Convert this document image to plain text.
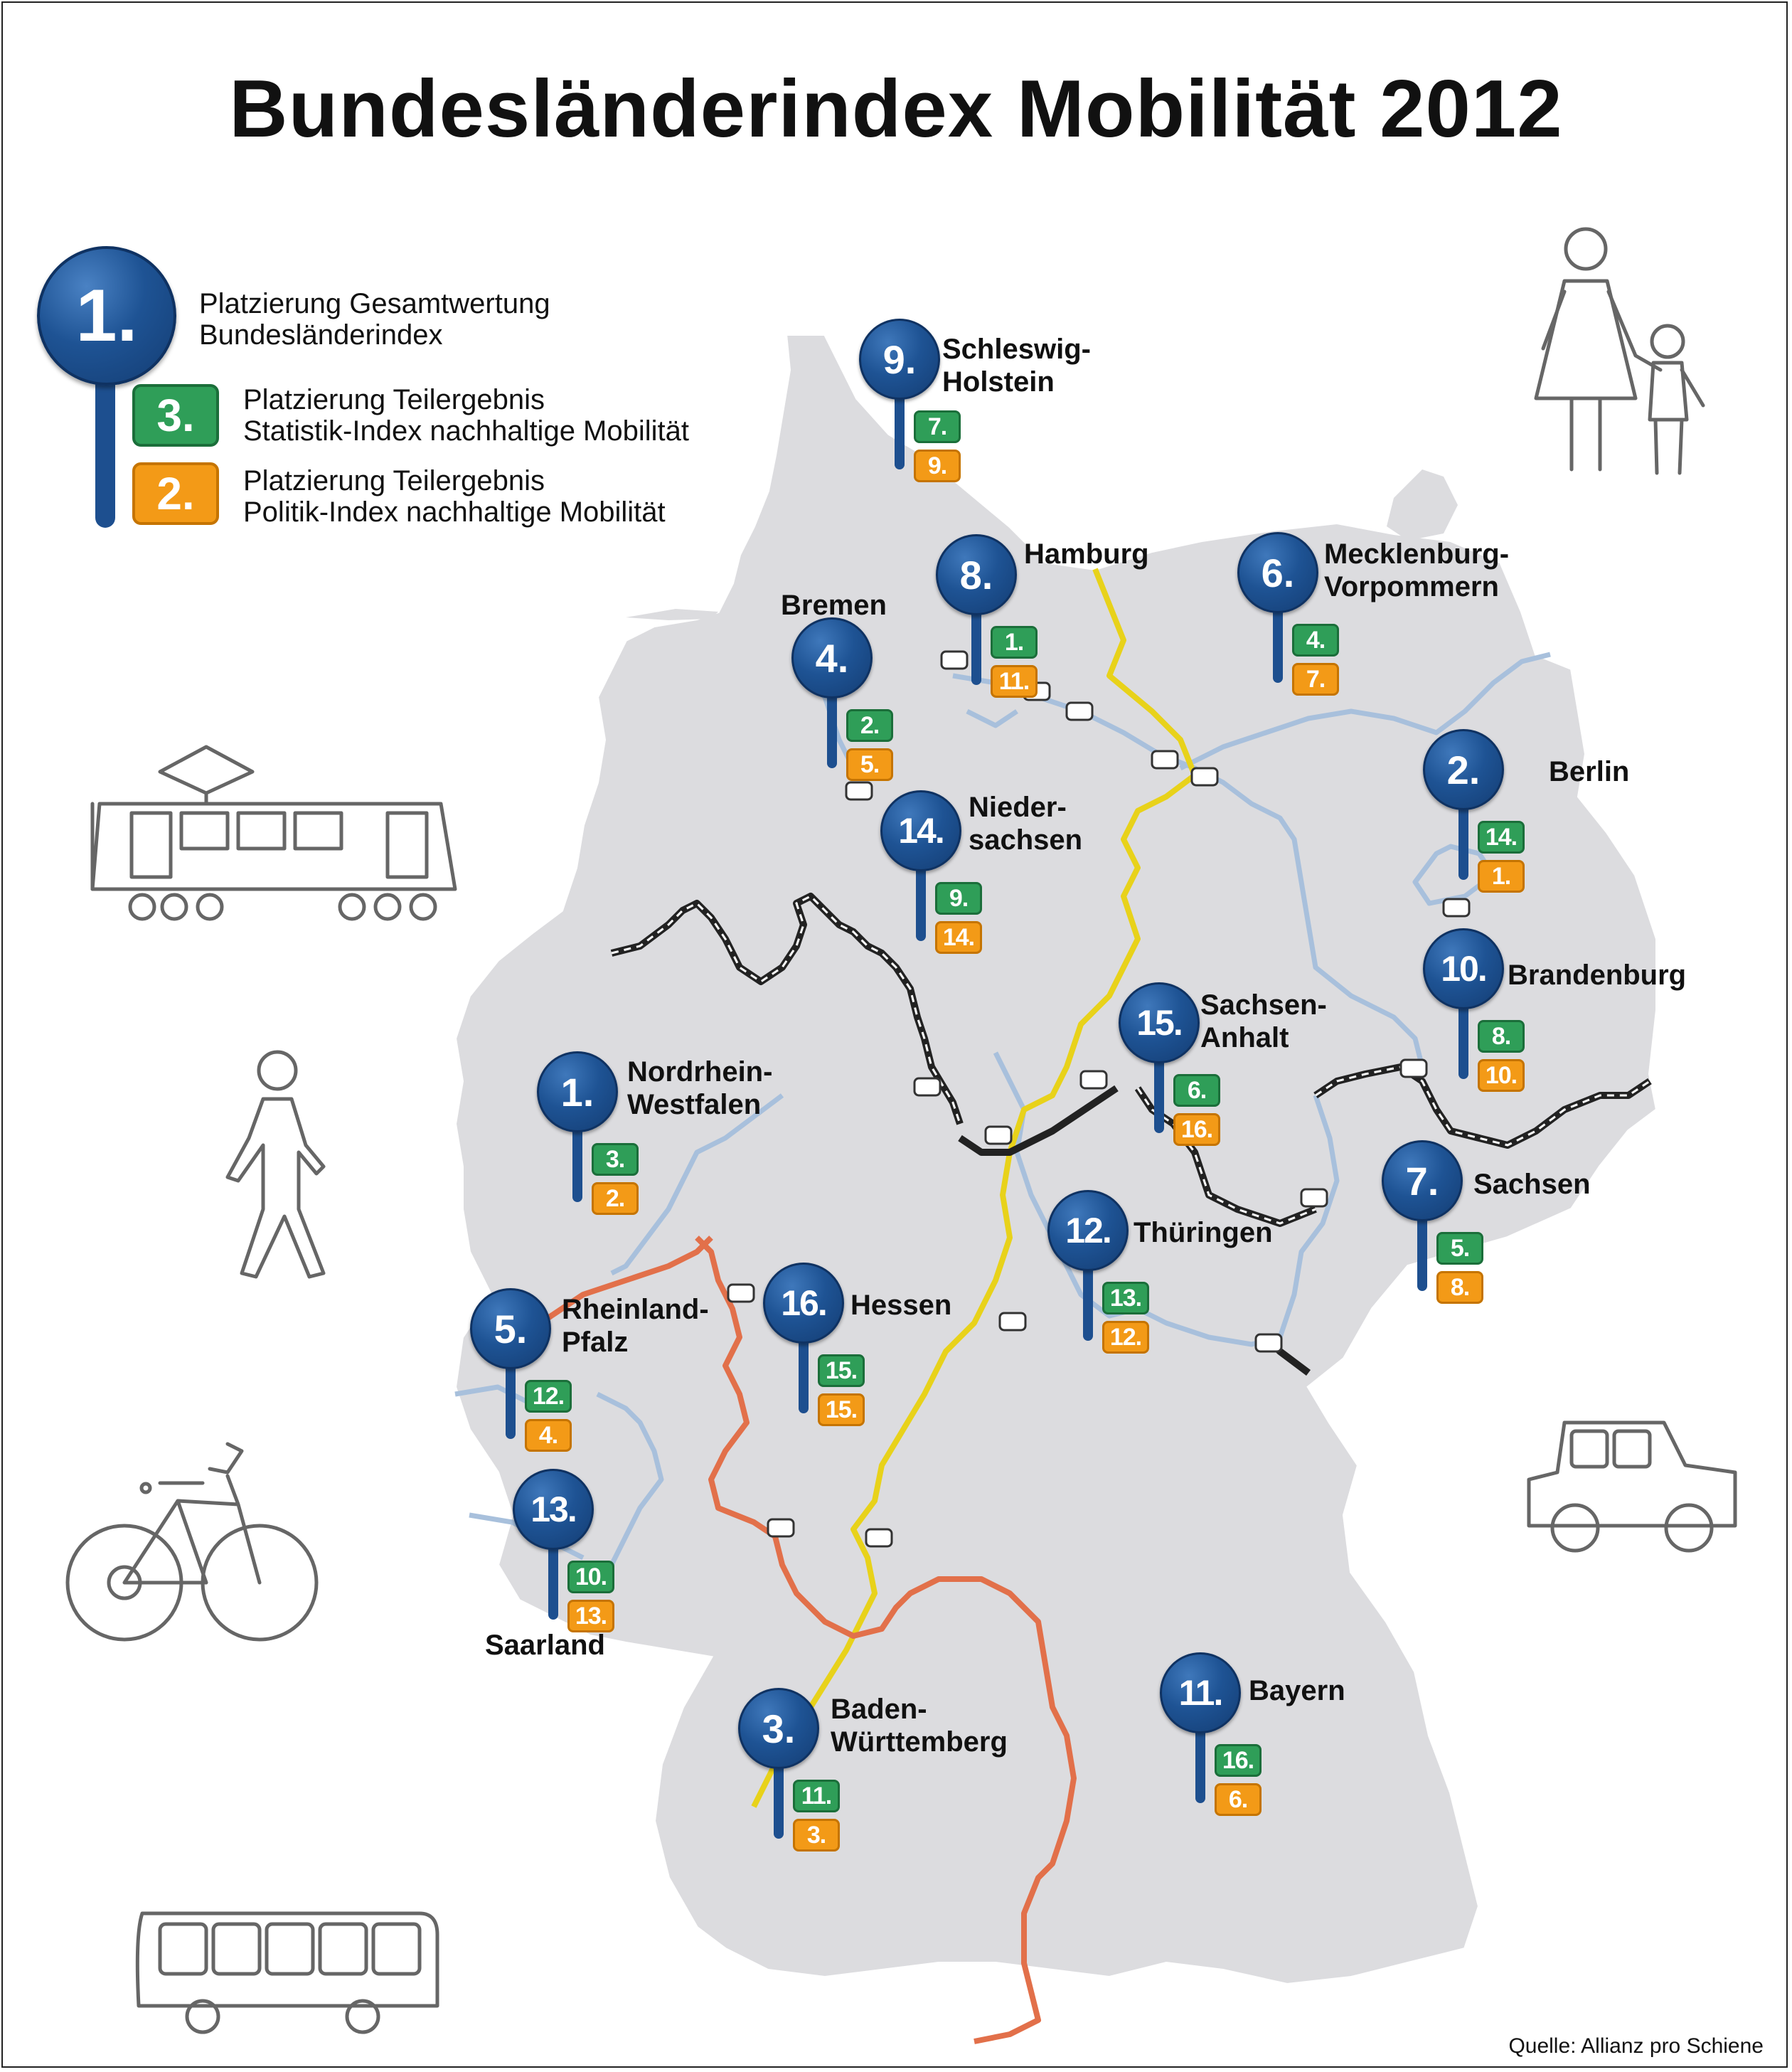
Bundesländerindex Mobilität 2012
1.
3.
2.
Platzierung Gesamtwertung
Bundesländerindex
Platzierung Teilergebnis
Statistik-Index nachhaltige Mobilität
Platzierung Teilergebnis
Politik-Index nachhaltige Mobilität
9.
7.
9.
Schleswig-
Holstein
8.
1.
11.
Hamburg	6.
4.
7.
Mecklenburg-
Vorpommern
4.
2.
5.
Bremen
2.
14.
1.
Berlin
14.
9.
14.
Nieder-
sachsen
10.
8.
10.
Brandenburg
15.
6.
16.
Sachsen-
Anhalt
1.
3.
2.
Nordrhein-
Westfalen
7.
5.
8.
Sachsen
12.
13.
12.
Thüringen
5.
12.
4.
Rheinland-
Pfalz
16.
15.
15.
Hessen
13.
10.
13.
Saarland
3.
11.
3.
Baden-
Württemberg
11.
16.
6.
Bayern
Quelle: Allianz pro Schiene
